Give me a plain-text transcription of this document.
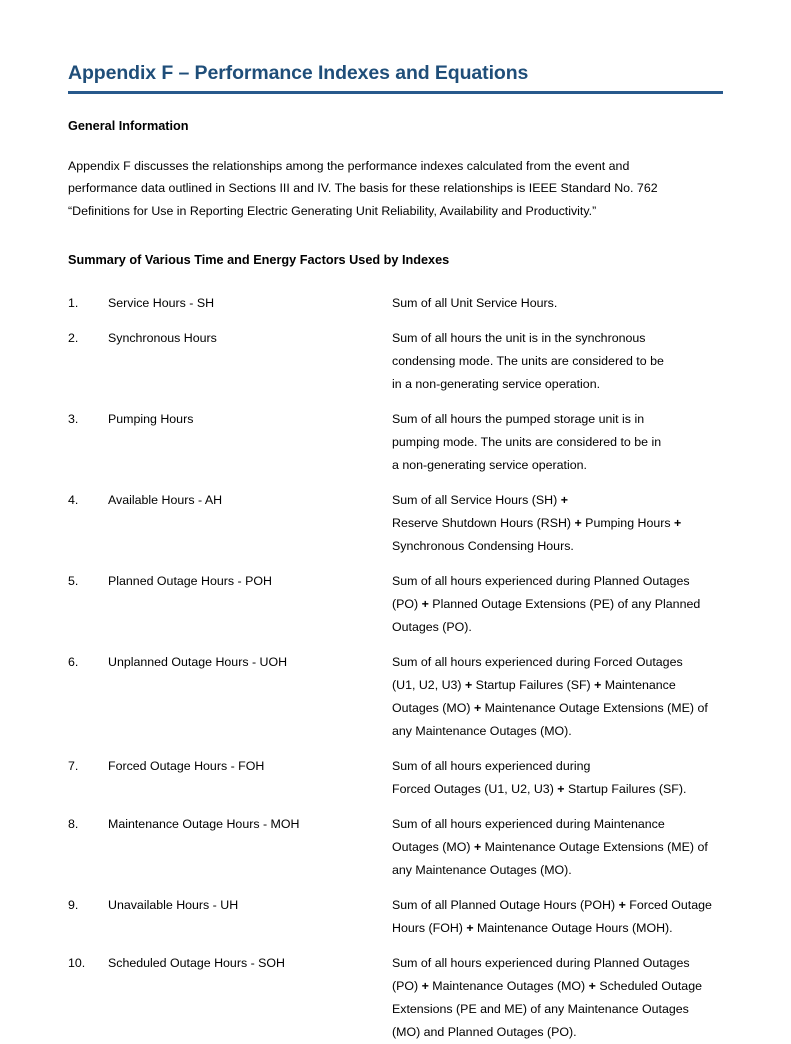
Appendix F – Performance Indexes and Equations
General Information
Appendix F discusses the relationships among the performance indexes calculated from the event and
performance data outlined in Sections III and IV. The basis for these relationships is IEEE Standard No. 762
“Definitions for Use in Reporting Electric Generating Unit Reliability, Availability and Productivity.”
Summary of Various Time and Energy Factors Used by Indexes
1.	Service Hours - SH	Sum of all Unit Service Hours.
2.	Synchronous Hours	Sum of all hours the unit is in the synchronous
condensing mode. The units are considered to be
in a non-generating service operation.
3.	Pumping Hours	Sum of all hours the pumped storage unit is in
pumping mode. The units are considered to be in
a non-generating service operation.
4.	Available Hours - AH	Sum of all Service Hours (SH) +
Reserve Shutdown Hours (RSH) + Pumping Hours +
Synchronous Condensing Hours.
5.	Planned Outage Hours - POH	Sum of all hours experienced during Planned Outages
(PO) + Planned Outage Extensions (PE) of any Planned
Outages (PO).
6.	Unplanned Outage Hours - UOH	Sum of all hours experienced during Forced Outages
(U1, U2, U3) + Startup Failures (SF) + Maintenance
Outages (MO) + Maintenance Outage Extensions (ME) of
any Maintenance Outages (MO).
7.	Forced Outage Hours - FOH	Sum of all hours experienced during
Forced Outages (U1, U2, U3) + Startup Failures (SF).
8.	Maintenance Outage Hours - MOH	Sum of all hours experienced during Maintenance
Outages (MO) + Maintenance Outage Extensions (ME) of
any Maintenance Outages (MO).
9.	Unavailable Hours - UH	Sum of all Planned Outage Hours (POH) + Forced Outage
Hours (FOH) + Maintenance Outage Hours (MOH).
10.	Scheduled Outage Hours - SOH	Sum of all hours experienced during Planned Outages
(PO) + Maintenance Outages (MO) + Scheduled Outage
Extensions (PE and ME) of any Maintenance Outages
(MO) and Planned Outages (PO).
